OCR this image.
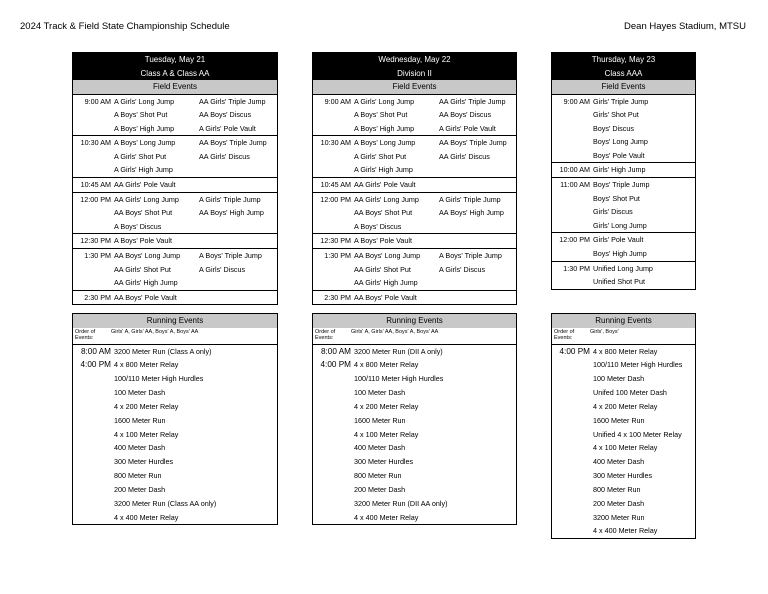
2024 Track & Field State Championship Schedule	Dean Hayes Stadium, MTSU
Tuesday, May 21
Class A & Class AA
Field Events
9:00 AM A Girls' Long Jump	AA Girls' Triple Jump
A Boys' Shot Put	AA Boys' Discus
A Boys' High Jump	A Girls' Pole Vault
10:30 AM A Boys' Long Jump	AA Boys' Triple Jump
A Girls' Shot Put	AA Girls' Discus
A Girls' High Jump
10:45 AM AA Girls' Pole Vault
12:00 PM AA Girls' Long Jump	A Girls' Triple Jump
AA Boys' Shot Put	AA Boys' High Jump
A Boys' Discus
12:30 PM A Boys' Pole Vault
1:30 PM AA Boys' Long Jump	A Boys' Triple Jump
AA Girls' Shot Put	A Girls' Discus
AA Girls' High Jump
2:30 PM AA Boys' Pole Vault
Wednesday, May 22
Division II
Field Events
9:00 AM A Girls' Long Jump	AA Girls' Triple Jump
A Boys' Shot Put	AA Boys' Discus
A Boys' High Jump	A Girls' Pole Vault
10:30 AM A Boys' Long Jump	AA Boys' Triple Jump
A Girls' Shot Put	AA Girls' Discus
A Girls' High Jump
10:45 AM AA Girls' Pole Vault
12:00 PM AA Girls' Long Jump	A Girls' Triple Jump
AA Boys' Shot Put	AA Boys' High Jump
A Boys' Discus
12:30 PM A Boys' Pole Vault
1:30 PM AA Boys' Long Jump	A Boys' Triple Jump
AA Girls' Shot Put	A Girls' Discus
AA Girls' High Jump
2:30 PM AA Boys' Pole Vault
Thursday, May 23
Class AAA
Field Events
9:00 AM Girls' Triple Jump
Girls' Shot Put
Boys' Discus
Boys' Long Jump
Boys' Pole Vault
10:00 AM Girls' High Jump
11:00 AM Boys' Triple Jump
Boys' Shot Put
Girls' Discus
Girls' Long Jump
12:00 PM Girls' Pole Vault
Boys' High Jump
1:30 PM Unified Long Jump
Unified Shot Put
Running Events
Order of Events:
Girls' A, Girls' AA, Boys' A, Boys' AA
8:00 AM 3200 Meter Run (Class A only)
4:00 PM 4 x 800 Meter Relay
100/110 Meter High Hurdles
100 Meter Dash
4 x 200 Meter Relay
1600 Meter Run
4 x 100 Meter Relay
400 Meter Dash
300 Meter Hurdles
800 Meter Run
200 Meter Dash
3200 Meter Run (Class AA only)
4 x 400 Meter Relay
Running Events
Order of Events:
Girls' A, Girls' AA, Boys' A, Boys' AA
8:00 AM 3200 Meter Run (DII A only)
4:00 PM 4 x 800 Meter Relay
100/110 Meter High Hurdles
100 Meter Dash
4 x 200 Meter Relay
1600 Meter Run
4 x 100 Meter Relay
400 Meter Dash
300 Meter Hurdles
800 Meter Run
200 Meter Dash
3200 Meter Run (DII AA only)
4 x 400 Meter Relay
Running Events
Order of Events:
Girls', Boys'
4:00 PM 4 x 800 Meter Relay
100/110 Meter High Hurdles
100 Meter Dash
Unifed 100 Meter Dash
4 x 200 Meter Relay
1600 Meter Run
Unified 4 x 100 Meter Relay
4 x 100 Meter Relay
400 Meter Dash
300 Meter Hurdles
800 Meter Run
200 Meter Dash
3200 Meter Run
4 x 400 Meter Relay
